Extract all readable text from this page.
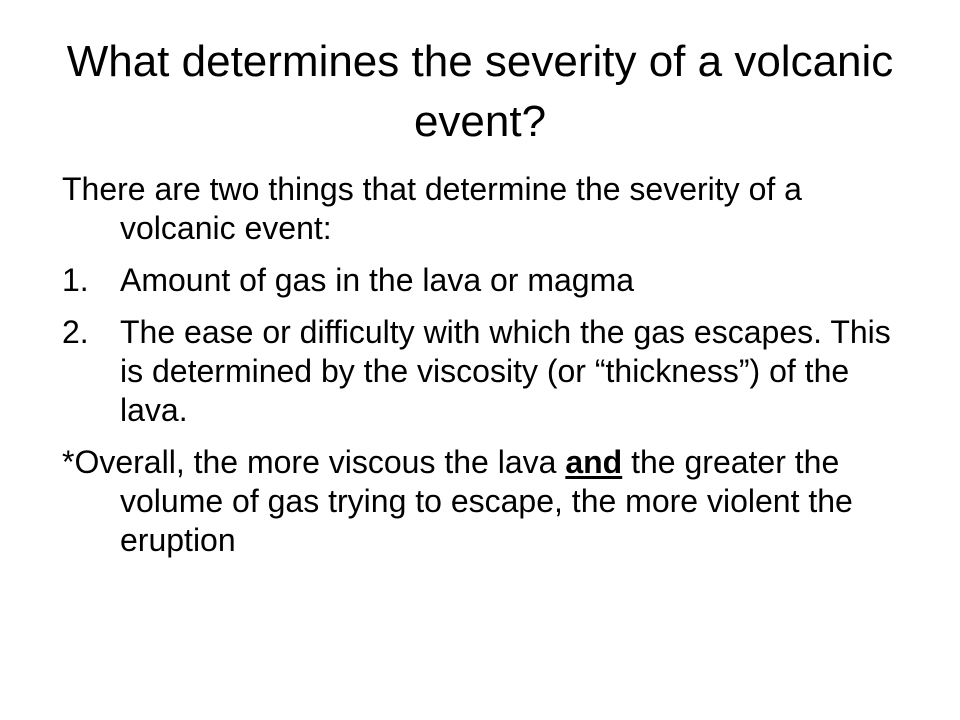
What determines the severity of a volcanic event?

There are two things that determine the severity of a volcanic event:

1. Amount of gas in the lava or magma
2. The ease or difficulty with which the gas escapes. This is determined by the viscosity (or “thickness”) of the lava.

*Overall, the more viscous the lava and the greater the volume of gas trying to escape, the more violent the eruption
